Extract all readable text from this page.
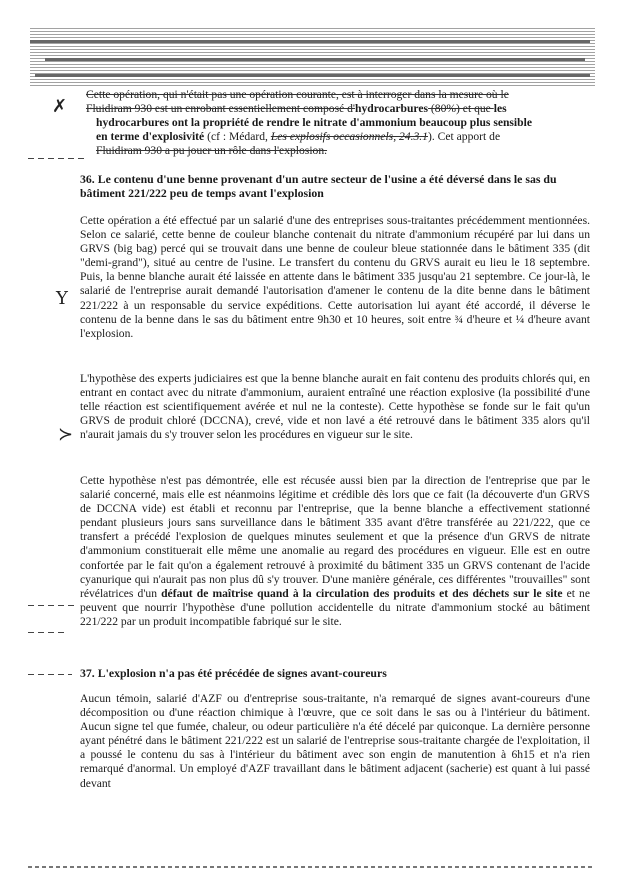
Cette opération, qui n'était pas une opération courante, est à interroger dans la mesure où le
Fluidiram 930 est un enrobant essentiellement composé d'hydrocarbures (80%) et que les
hydrocarbures ont la propriété de rendre le nitrate d'ammonium beaucoup plus sensible
en terme d'explosivité (cf : Médard, Les explosifs occasionnels, 24.3.1). Cet apport de
Fluidiram 930 a pu jouer un rôle dans l'explosion.
✗
36. Le contenu d'une benne provenant d'un autre secteur de l'usine a été déversé dans le sas du bâtiment 221/222 peu de temps avant l'explosion
Cette opération a été effectué par un salarié d'une des entreprises sous-traitantes précédemment mentionnées. Selon ce salarié, cette benne de couleur blanche contenait du nitrate d'ammonium récupéré par lui dans un GRVS (big bag) percé qui se trouvait dans une benne de couleur bleue stationnée dans le bâtiment 335 (dit "demi-grand"), situé au centre de l'usine. Le transfert du contenu du GRVS aurait eu lieu le 18 septembre. Puis, la benne blanche aurait été laissée en attente dans le bâtiment 335 jusqu'au 21 septembre. Ce jour-là, le salarié de l'entreprise aurait demandé l'autorisation d'amener le contenu de la dite benne dans le bâtiment 221/222 à un responsable du service expéditions. Cette autorisation lui ayant été accordé, il déverse le contenu de la benne dans le sas du bâtiment entre 9h30 et 10 heures, soit entre ¾ d'heure et ¼ d'heure avant l'explosion.
Y
L'hypothèse des experts judiciaires est que la benne blanche aurait en fait contenu des produits chlorés qui, en entrant en contact avec du nitrate d'ammonium, auraient entraîné une réaction explosive (la possibilité d'une telle réaction est scientifiquement avérée et nul ne la conteste). Cette hypothèse se fonde sur le fait qu'un GRVS de produit chloré (DCCNA), crevé, vide et non lavé a été retrouvé dans le bâtiment 335 alors qu'il n'aurait jamais du s'y trouver selon les procédures en vigueur sur le site.
≻
Cette hypothèse n'est pas démontrée, elle est récusée aussi bien par la direction de l'entreprise que par le salarié concerné, mais elle est néanmoins légitime et crédible dès lors que ce fait (la découverte d'un GRVS de DCCNA vide) est établi et reconnu par l'entreprise, que la benne blanche a effectivement stationné pendant plusieurs jours sans surveillance dans le bâtiment 335 avant d'être transférée au 221/222, que ce transfert a précédé l'explosion de quelques minutes seulement et que la présence d'un GRVS de nitrate d'ammonium constituerait elle même une anomalie au regard des procédures en vigueur. Elle est en outre confortée par le fait qu'on a également retrouvé à proximité du bâtiment 335 un GRVS contenant de l'acide cyanurique qui n'aurait pas non plus dû s'y trouver. D'une manière générale, ces différentes "trouvailles" sont révélatrices d'un défaut de maîtrise quand à la circulation des produits et des déchets sur le site et ne peuvent que nourrir l'hypothèse d'une pollution accidentelle du nitrate d'ammonium stocké au bâtiment 221/222 par un produit incompatible fabriqué sur le site.
37. L'explosion n'a pas été précédée de signes avant-coureurs
Aucun témoin, salarié d'AZF ou d'entreprise sous-traitante, n'a remarqué de signes avant-coureurs d'une décomposition ou d'une réaction chimique à l'œuvre, que ce soit dans le sas ou à l'intérieur du bâtiment. Aucun signe tel que fumée, chaleur, ou odeur particulière n'a été décelé par quiconque. La dernière personne ayant pénétré dans le bâtiment 221/222 est un salarié de l'entreprise sous-traitante chargée de l'exploitation, il a poussé le contenu du sas à l'intérieur du bâtiment avec son engin de manutention à 6h15 et n'a rien remarqué d'anormal. Un employé d'AZF travaillant dans le bâtiment adjacent (sacherie) est quant à lui passé devant
